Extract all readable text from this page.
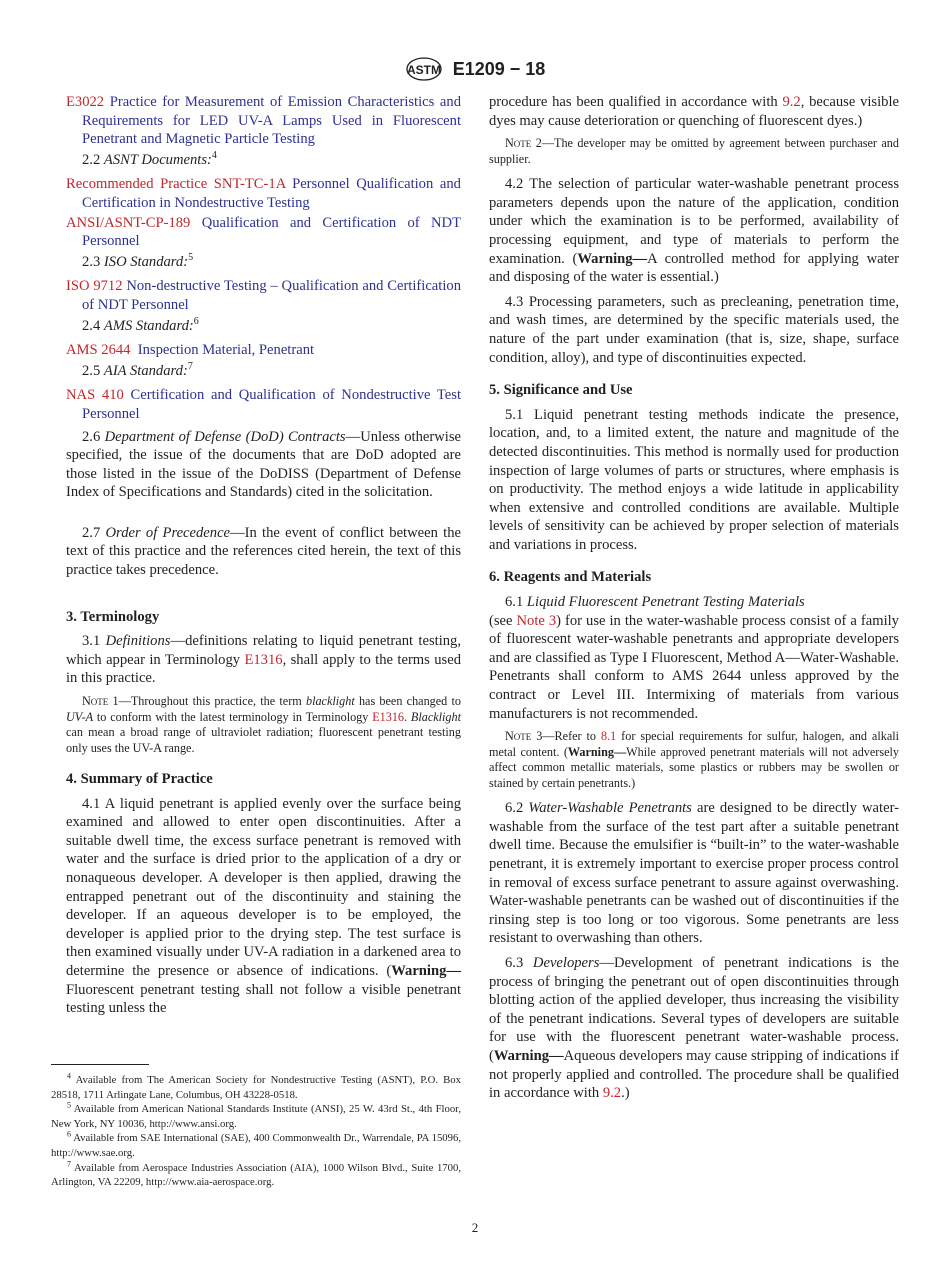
ASTM E1209 − 18

E3022 Practice for Measurement of Emission Characteristics and Requirements for LED UV-A Lamps Used in Fluorescent Penetrant and Magnetic Particle Testing

2.2 ASNT Documents:$^4$

Recommended Practice SNT-TC-1A Personnel Qualification and Certification in Nondestructive Testing

ANSI/ASNT-CP-189 Qualification and Certification of NDT Personnel

2.3 ISO Standard:$^5$

ISO 9712 Non-destructive Testing – Qualification and Certification of NDT Personnel

2.4 AMS Standard:$^6$

AMS 2644 Inspection Material, Penetrant

2.5 AIA Standard:$^7$

NAS 410 Certification and Qualification of Nondestructive Test Personnel

2.6 Department of Defense (DoD) Contracts—Unless otherwise specified, the issue of the documents that are DoD adopted are those listed in the issue of the DoDISS (Department of Defense Index of Specifications and Standards) cited in the solicitation.

2.7 Order of Precedence—In the event of conflict between the text of this practice and the references cited herein, the text of this practice takes precedence.

3. Terminology

3.1 Definitions—definitions relating to liquid penetrant testing, which appear in Terminology E1316, shall apply to the terms used in this practice.

Note 1—Throughout this practice, the term blacklight has been changed to UV-A to conform with the latest terminology in Terminology E1316. Blacklight can mean a broad range of ultraviolet radiation; fluorescent penetrant testing only uses the UV-A range.

4. Summary of Practice

4.1 A liquid penetrant is applied evenly over the surface being examined and allowed to enter open discontinuities. After a suitable dwell time, the excess surface penetrant is removed with water and the surface is dried prior to the application of a dry or nonaqueous developer. A developer is then applied, drawing the entrapped penetrant out of the discontinuity and staining the developer. If an aqueous developer is to be employed, the developer is applied prior to the drying step. The test surface is then examined visually under UV-A radiation in a darkened area to determine the presence or absence of indications. (Warning—Fluorescent penetrant testing shall not follow a visible penetrant testing unless the

procedure has been qualified in accordance with 9.2, because visible dyes may cause deterioration or quenching of fluorescent dyes.)

Note 2—The developer may be omitted by agreement between purchaser and supplier.

4.2 The selection of particular water-washable penetrant process parameters depends upon the nature of the application, condition under which the examination is to be performed, availability of processing equipment, and type of materials to perform the examination. (Warning—A controlled method for applying water and disposing of the water is essential.)

4.3 Processing parameters, such as precleaning, penetration time, and wash times, are determined by the specific materials used, the nature of the part under examination (that is, size, shape, surface condition, alloy), and type of discontinuities expected.

5. Significance and Use

5.1 Liquid penetrant testing methods indicate the presence, location, and, to a limited extent, the nature and magnitude of the detected discontinuities. This method is normally used for production inspection of large volumes of parts or structures, where emphasis is on productivity. The method enjoys a wide latitude in applicability when extensive and controlled conditions are available. Multiple levels of sensitivity can be achieved by proper selection of materials and variations in process.

6. Reagents and Materials

6.1 Liquid Fluorescent Penetrant Testing Materials

(see Note 3) for use in the water-washable process consist of a family of fluorescent water-washable penetrants and appropriate developers and are classified as Type I Fluorescent, Method A—Water-Washable. Penetrants shall conform to AMS 2644 unless approved by the contract or Level III. Intermixing of materials from various manufacturers is not recommended.

Note 3—Refer to 8.1 for special requirements for sulfur, halogen, and alkali metal content. (Warning—While approved penetrant materials will not adversely affect common metallic materials, some plastics or rubbers may be swollen or stained by certain penetrants.)

6.2 Water-Washable Penetrants are designed to be directly water-washable from the surface of the test part after a suitable penetrant dwell time. Because the emulsifier is “built-in” to the water-washable penetrant, it is extremely important to exercise proper process control in removal of excess surface penetrant to assure against overwashing. Water-washable penetrants can be washed out of discontinuities if the rinsing step is too long or too vigorous. Some penetrants are less resistant to overwashing than others.

6.3 Developers—Development of penetrant indications is the process of bringing the penetrant out of open discontinuities through blotting action of the applied developer, thus increasing the visibility of the penetrant indications. Several types of developers are suitable for use with the fluorescent penetrant water-washable process. (Warning—Aqueous developers may cause stripping of indications if not properly applied and controlled. The procedure shall be qualified in accordance with 9.2.)

$^4$ Available from The American Society for Nondestructive Testing (ASNT), P.O. Box 28518, 1711 Arlingate Lane, Columbus, OH 43228-0518.

$^5$ Available from American National Standards Institute (ANSI), 25 W. 43rd St., 4th Floor, New York, NY 10036, http://www.ansi.org.

$^6$ Available from SAE International (SAE), 400 Commonwealth Dr., Warrendale, PA 15096, http://www.sae.org.

$^7$ Available from Aerospace Industries Association (AIA), 1000 Wilson Blvd., Suite 1700, Arlington, VA 22209, http://www.aia-aerospace.org.

2
